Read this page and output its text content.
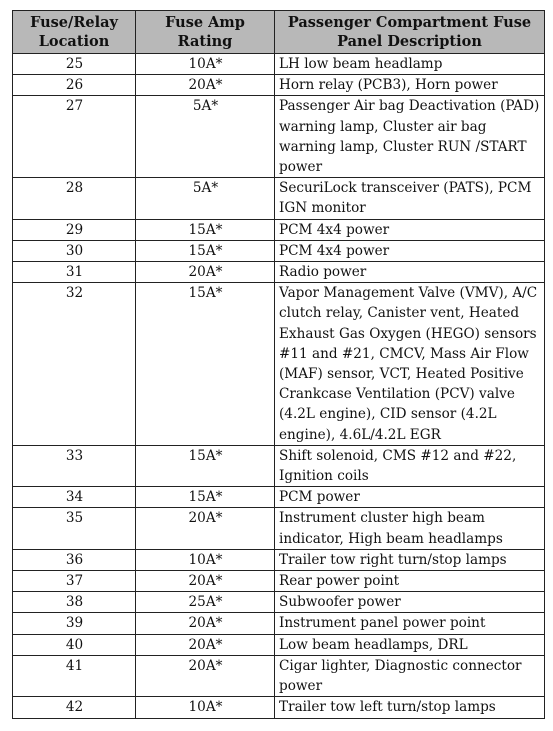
Fuse/Relay Location	Fuse Amp Rating	Passenger Compartment Fuse Panel Description
25	10A*	LH low beam headlamp
26	20A*	Horn relay (PCB3), Horn power
27	5A*	Passenger Air bag Deactivation (PAD) warning lamp, Cluster air bag warning lamp, Cluster RUN /START power
28	5A*	SecuriLock transceiver (PATS), PCM IGN monitor
29	15A*	PCM 4x4 power
30	15A*	PCM 4x4 power
31	20A*	Radio power
32	15A*	Vapor Management Valve (VMV), A/C clutch relay, Canister vent, Heated Exhaust Gas Oxygen (HEGO) sensors #11 and #21, CMCV, Mass Air Flow (MAF) sensor, VCT, Heated Positive Crankcase Ventilation (PCV) valve (4.2L engine), CID sensor (4.2L engine), 4.6L/4.2L EGR
33	15A*	Shift solenoid, CMS #12 and #22, Ignition coils
34	15A*	PCM power
35	20A*	Instrument cluster high beam indicator, High beam headlamps
36	10A*	Trailer tow right turn/stop lamps
37	20A*	Rear power point
38	25A*	Subwoofer power
39	20A*	Instrument panel power point
40	20A*	Low beam headlamps, DRL
41	20A*	Cigar lighter, Diagnostic connector power
42	10A*	Trailer tow left turn/stop lamps
